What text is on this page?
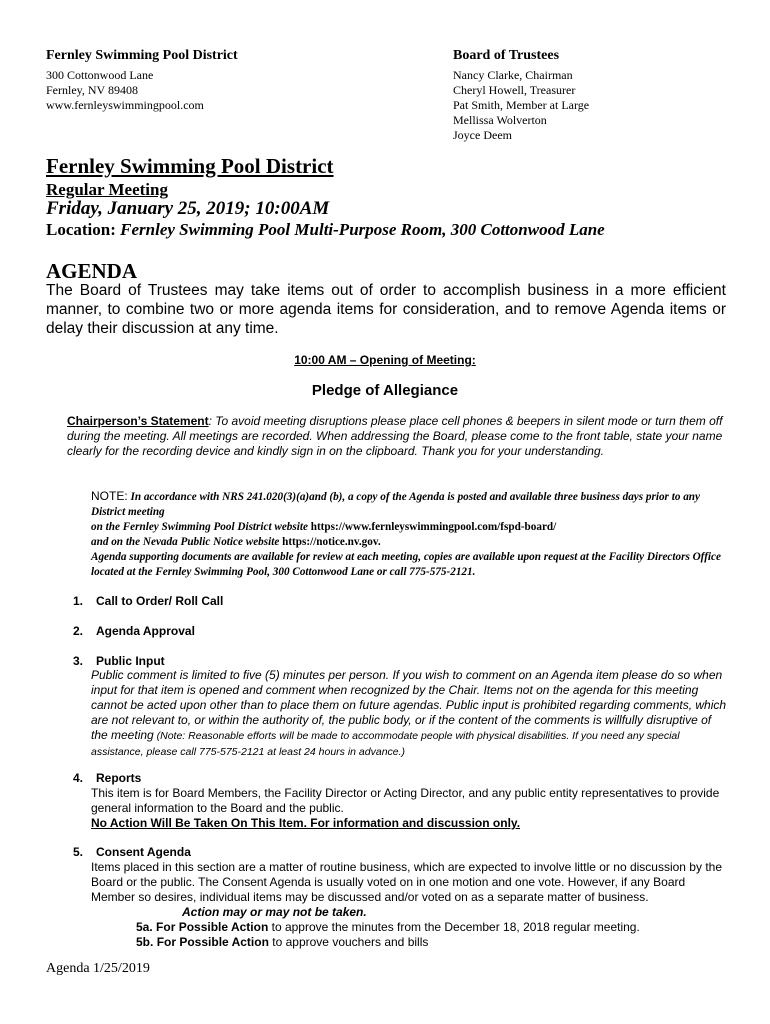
Fernley Swimming Pool District
300 Cottonwood Lane
Fernley, NV 89408
www.fernleyswimmingpool.com
Board of Trustees
Nancy Clarke, Chairman
Cheryl Howell, Treasurer
Pat Smith, Member at Large
Mellissa Wolverton
Joyce Deem
Fernley Swimming Pool District
Regular Meeting
Friday, January 25, 2019; 10:00AM
Location: Fernley Swimming Pool Multi-Purpose Room, 300 Cottonwood Lane
AGENDA
The Board of Trustees may take items out of order to accomplish business in a more efficient manner, to combine two or more agenda items for consideration, and to remove Agenda items or delay their discussion at any time.
10:00 AM – Opening of Meeting:
Pledge of Allegiance
Chairperson’s Statement: To avoid meeting disruptions please place cell phones & beepers in silent mode or turn them off during the meeting. All meetings are recorded. When addressing the Board, please come to the front table, state your name clearly for the recording device and kindly sign in on the clipboard. Thank you for your understanding.
NOTE: In accordance with NRS 241.020(3)(a)and (b), a copy of the Agenda is posted and available three business days prior to any District meeting
on the Fernley Swimming Pool District website https://www.fernleyswimmingpool.com/fspd-board/
and on the Nevada Public Notice website https://notice.nv.gov.
Agenda supporting documents are available for review at each meeting, copies are available upon request at the Facility Directors Office located at the Fernley Swimming Pool, 300 Cottonwood Lane or call 775-575-2121.
1. Call to Order/ Roll Call
2. Agenda Approval
3. Public Input
Public comment is limited to five (5) minutes per person. If you wish to comment on an Agenda item please do so when input for that item is opened and comment when recognized by the Chair. Items not on the agenda for this meeting cannot be acted upon other than to place them on future agendas. Public input is prohibited regarding comments, which are not relevant to, or within the authority of, the public body, or if the content of the comments is willfully disruptive of the meeting (Note: Reasonable efforts will be made to accommodate people with physical disabilities. If you need any special assistance, please call 775-575-2121 at least 24 hours in advance.)
4. Reports
This item is for Board Members, the Facility Director or Acting Director, and any public entity representatives to provide general information to the Board and the public.
No Action Will Be Taken On This Item. For information and discussion only.
5. Consent Agenda
Items placed in this section are a matter of routine business, which are expected to involve little or no discussion by the Board or the public. The Consent Agenda is usually voted on in one motion and one vote. However, if any Board Member so desires, individual items may be discussed and/or voted on as a separate matter of business.
Action may or may not be taken.
5a. For Possible Action to approve the minutes from the December 18, 2018 regular meeting.
5b. For Possible Action to approve vouchers and bills
Agenda 1/25/2019
